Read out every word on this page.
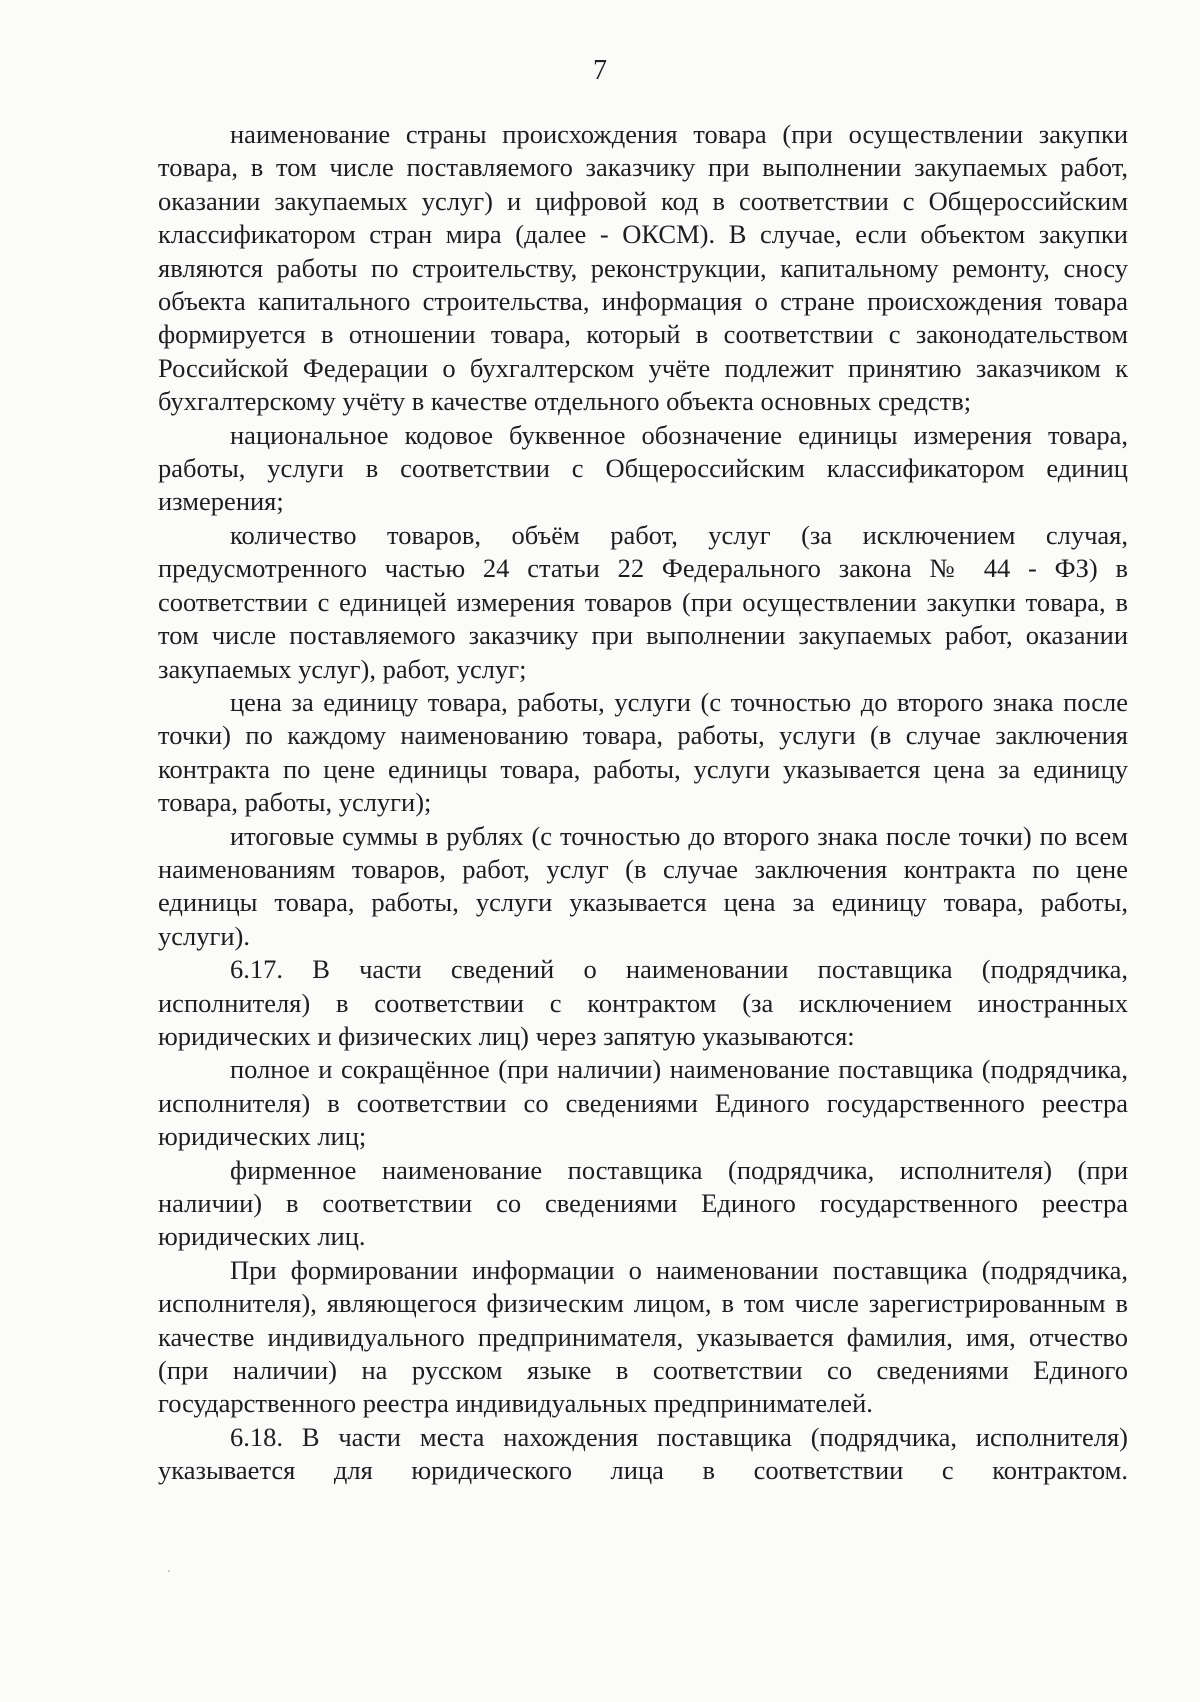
7

наименование страны происхождения товара (при осуществлении закупки товара, в том числе поставляемого заказчику при выполнении закупаемых работ, оказании закупаемых услуг) и цифровой код в соответствии с Общероссийским классификатором стран мира (далее - ОКСМ). В случае, если объектом закупки являются работы по строительству, реконструкции, капитальному ремонту, сносу объекта капитального строительства, информация о стране происхождения товара формируется в отношении товара, который в соответствии с законодательством Российской Федерации о бухгалтерском учёте подлежит принятию заказчиком к бухгалтерскому учёту в качестве отдельного объекта основных средств;

национальное кодовое буквенное обозначение единицы измерения товара, работы, услуги в соответствии с Общероссийским классификатором единиц измерения;

количество товаров, объём работ, услуг (за исключением случая, предусмотренного частью 24 статьи 22 Федерального закона № 44 - ФЗ) в соответствии с единицей измерения товаров (при осуществлении закупки товара, в том числе поставляемого заказчику при выполнении закупаемых работ, оказании закупаемых услуг), работ, услуг;

цена за единицу товара, работы, услуги (с точностью до второго знака после точки) по каждому наименованию товара, работы, услуги (в случае заключения контракта по цене единицы товара, работы, услуги указывается цена за единицу товара, работы, услуги);

итоговые суммы в рублях (с точностью до второго знака после точки) по всем наименованиям товаров, работ, услуг (в случае заключения контракта по цене единицы товара, работы, услуги указывается цена за единицу товара, работы, услуги).

6.17. В части сведений о наименовании поставщика (подрядчика, исполнителя) в соответствии с контрактом (за исключением иностранных юридических и физических лиц) через запятую указываются:

полное и сокращённое (при наличии) наименование поставщика (подрядчика, исполнителя) в соответствии со сведениями Единого государственного реестра юридических лиц;

фирменное наименование поставщика (подрядчика, исполнителя) (при наличии) в соответствии со сведениями Единого государственного реестра юридических лиц.

При формировании информации о наименовании поставщика (подрядчика, исполнителя), являющегося физическим лицом, в том числе зарегистрированным в качестве индивидуального предпринимателя, указывается фамилия, имя, отчество (при наличии) на русском языке в соответствии со сведениями Единого государственного реестра индивидуальных предпринимателей.

6.18. В части места нахождения поставщика (подрядчика, исполнителя) указывается для юридического лица в соответствии с контрактом.
